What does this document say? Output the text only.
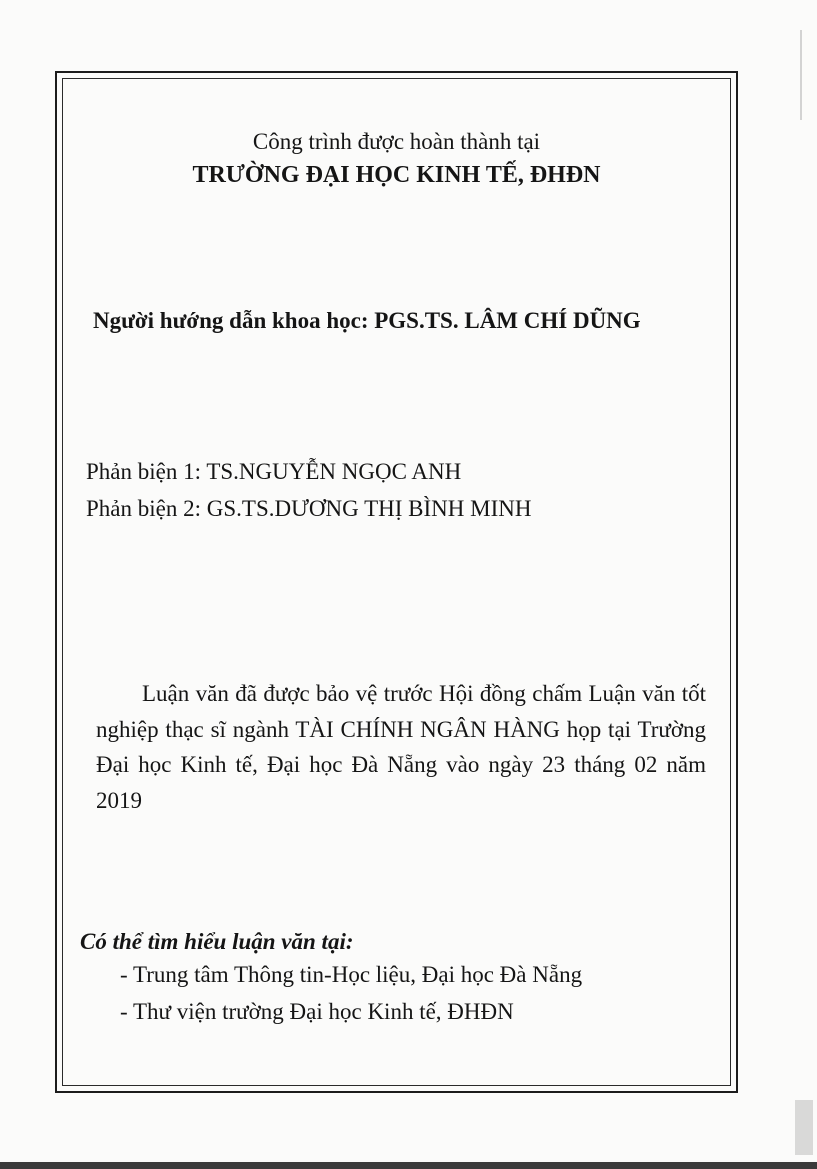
Công trình được hoàn thành tại
TRƯỜNG ĐẠI HỌC KINH TẾ, ĐHĐN
Người hướng dẫn khoa học: PGS.TS. LÂM CHÍ DŨNG
Phản biện 1: TS.NGUYỄN NGỌC ANH
Phản biện 2: GS.TS.DƯƠNG THỊ BÌNH MINH
Luận văn đã được bảo vệ trước Hội đồng chấm Luận văn tốt nghiệp thạc sĩ ngành TÀI CHÍNH NGÂN HÀNG họp tại Trường Đại học Kinh tế, Đại học Đà Nẵng vào ngày 23 tháng 02 năm 2019
Có thể tìm hiểu luận văn tại:
- Trung tâm Thông tin-Học liệu, Đại học Đà Nẵng
- Thư viện trường Đại học Kinh tế, ĐHĐN
